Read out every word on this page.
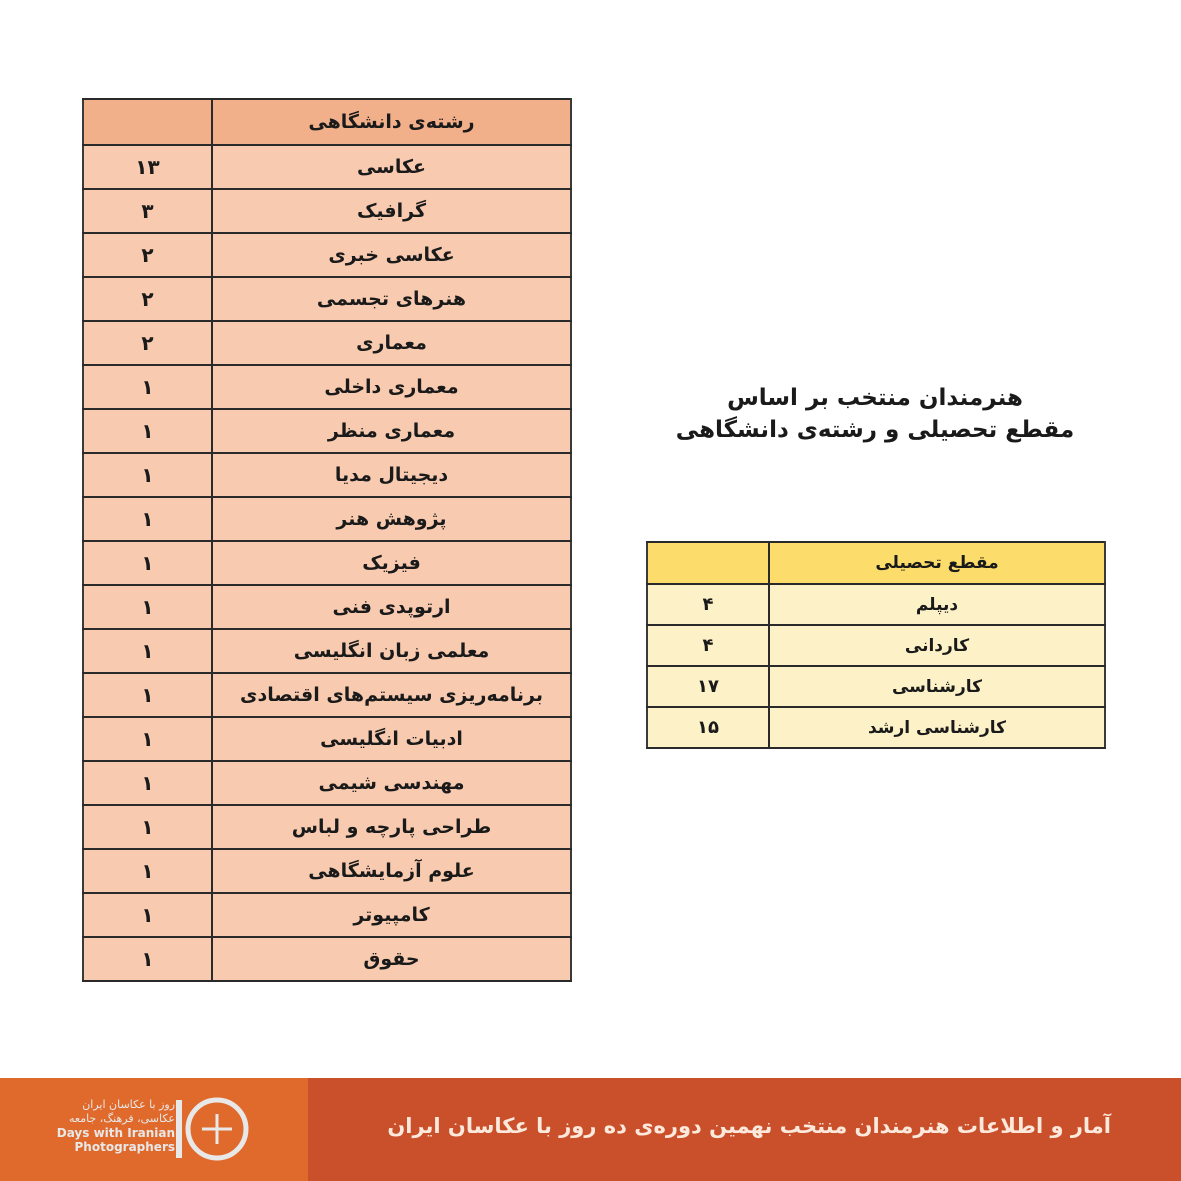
	رشته‌ی دانشگاهی
۱۳	عکاسی
۳	گرافیک
۲	عکاسی خبری
۲	هنرهای تجسمی
۲	معماری
۱	معماری داخلی
۱	معماری منظر
۱	دیجیتال مدیا
۱	پژوهش هنر
۱	فیزیک
۱	ارتوپدی فنی
۱	معلمی زبان انگلیسی
۱	برنامه‌ریزی سیستم‌های اقتصادی
۱	ادبیات انگلیسی
۱	مهندسی شیمی
۱	طراحی پارچه و لباس
۱	علوم آزمایشگاهی
۱	کامپیوتر
۱	حقوق
هنرمندان منتخب بر اساس
مقطع تحصیلی و رشته‌ی دانشگاهی
	مقطع تحصیلی
۴	دیپلم
۴	کاردانی
۱۷	کارشناسی
۱۵	کارشناسی ارشد
روز با عکاسان ایران
عکاسی، فرهنگ، جامعه
Days with Iranian
Photographers
آمار و اطلاعات هنرمندان منتخب نهمین دوره‌ی ده روز با عکاسان ایران
